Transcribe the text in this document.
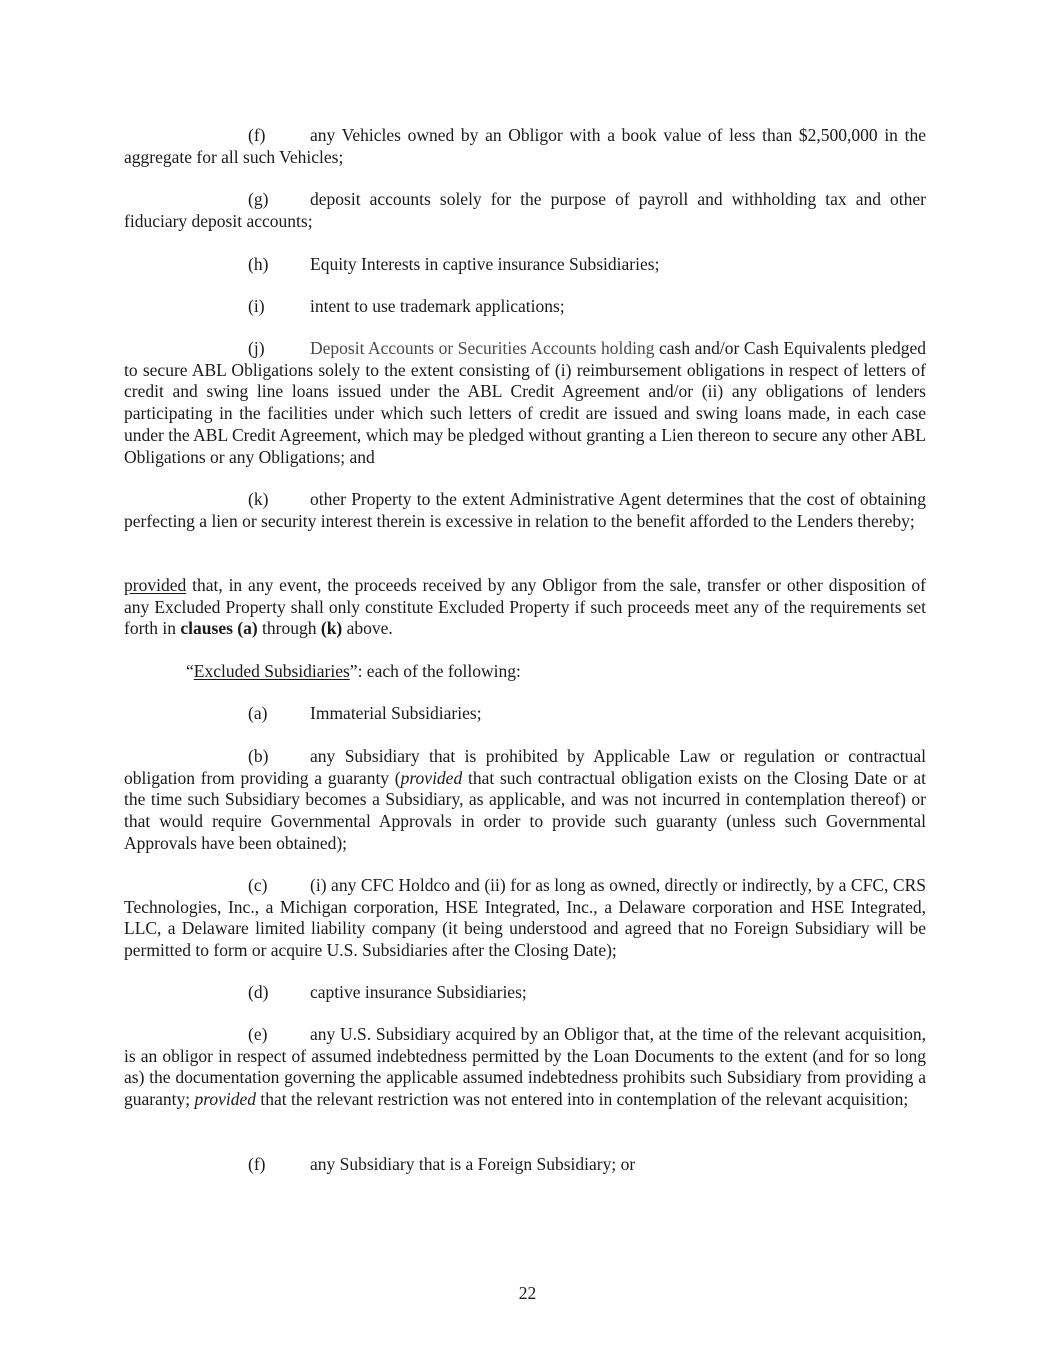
(f)	any Vehicles owned by an Obligor with a book value of less than $2,500,000 in the aggregate for all such Vehicles;

(g) deposit accounts solely for the purpose of payroll and withholding tax and other fiduciary deposit accounts;

(h) Equity Interests in captive insurance Subsidiaries;

(i)	intent to use trademark applications;

(j)	Deposit Accounts or Securities Accounts holding cash and/or Cash Equivalents pledged to secure ABL Obligations solely to the extent consisting of (i) reimbursement obligations in respect of letters of credit and swing line loans issued under the ABL Credit Agreement and/or (ii) any obligations of lenders participating in the facilities under which such letters of credit are issued and swing loans made, in each case under the ABL Credit Agreement, which may be pledged without granting a Lien thereon to secure any other ABL Obligations or any Obligations; and

(k) other Property to the extent Administrative Agent determines that the cost of obtaining perfecting a lien or security interest therein is excessive in relation to the benefit afforded to the Lenders thereby;

provided that, in any event, the proceeds received by any Obligor from the sale, transfer or other disposition of any Excluded Property shall only constitute Excluded Property if such proceeds meet any of the requirements set forth in clauses (a) through (k) above.

“Excluded Subsidiaries”: each of the following:

(a) Immaterial Subsidiaries;

(b) any Subsidiary that is prohibited by Applicable Law or regulation or contractual obligation from providing a guaranty (provided that such contractual obligation exists on the Closing Date or at the time such Subsidiary becomes a Subsidiary, as applicable, and was not incurred in contemplation thereof) or that would require Governmental Approvals in order to provide such guaranty (unless such Governmental Approvals have been obtained);

(c) (i) any CFC Holdco and (ii) for as long as owned, directly or indirectly, by a CFC, CRS Technologies, Inc., a Michigan corporation, HSE Integrated, Inc., a Delaware corporation and HSE Integrated, LLC, a Delaware limited liability company (it being understood and agreed that no Foreign Subsidiary will be permitted to form or acquire U.S. Subsidiaries after the Closing Date);

(d) captive insurance Subsidiaries;

(e) any U.S. Subsidiary acquired by an Obligor that, at the time of the relevant acquisition, is an obligor in respect of assumed indebtedness permitted by the Loan Documents to the extent (and for so long as) the documentation governing the applicable assumed indebtedness prohibits such Subsidiary from providing a guaranty; provided that the relevant restriction was not entered into in contemplation of the relevant acquisition;

(f)	any Subsidiary that is a Foreign Subsidiary; or

22
